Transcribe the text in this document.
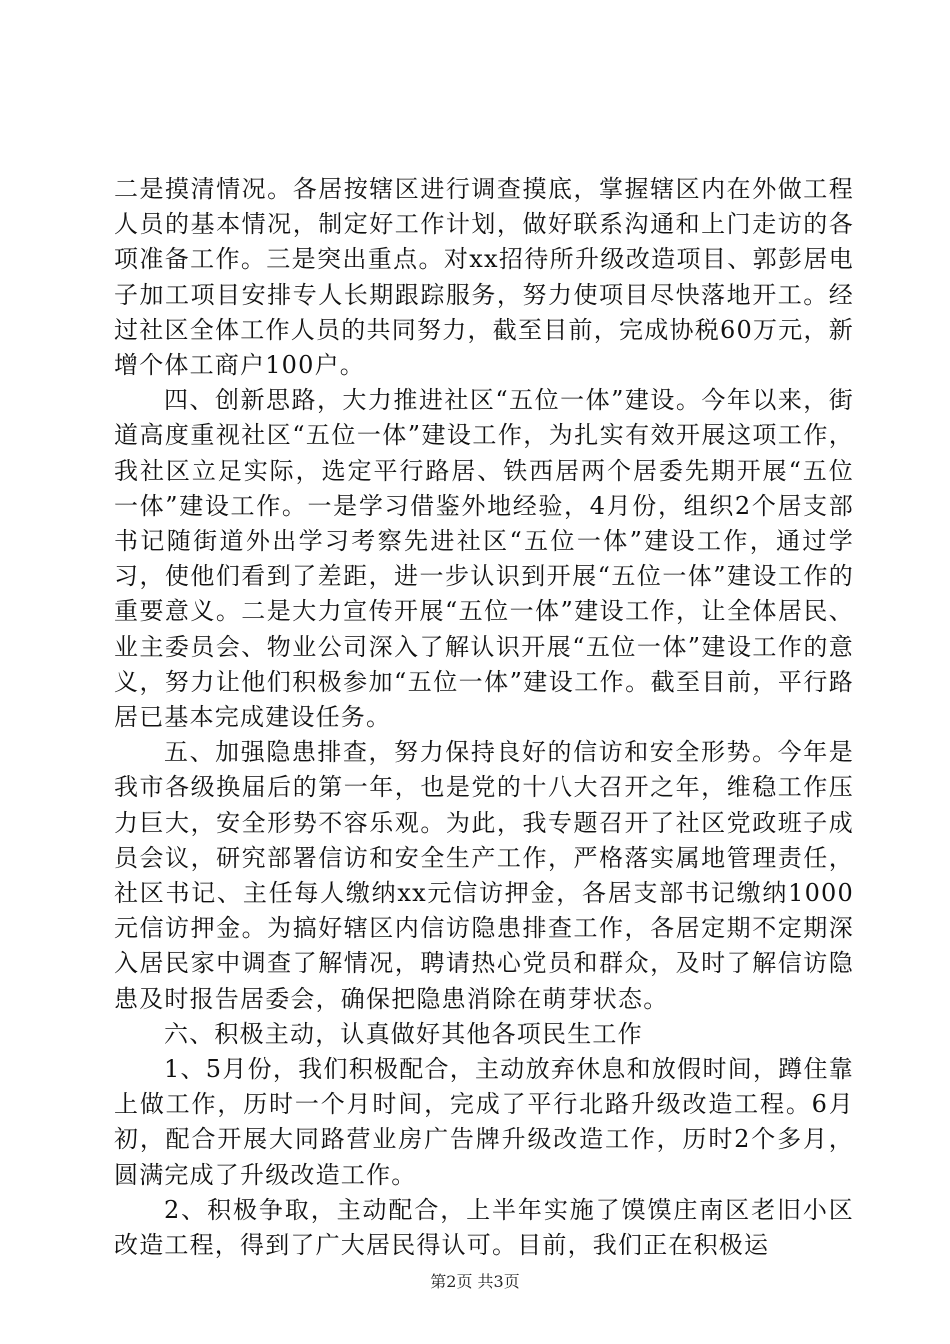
二是摸清情况。各居按辖区进行调查摸底，掌握辖区内在外做工程人员的基本情况，制定好工作计划，做好联系沟通和上门走访的各项准备工作。三是突出重点。对xx招待所升级改造项目、郭彭居电子加工项目安排专人长期跟踪服务，努力使项目尽快落地开工。经过社区全体工作人员的共同努力，截至目前，完成协税60万元，新增个体工商户100户。

四、创新思路，大力推进社区“五位一体”建设。今年以来，街道高度重视社区“五位一体”建设工作，为扎实有效开展这项工作，我社区立足实际，选定平行路居、铁西居两个居委先期开展“五位一体”建设工作。一是学习借鉴外地经验，4月份，组织2个居支部书记随街道外出学习考察先进社区“五位一体”建设工作，通过学习，使他们看到了差距，进一步认识到开展“五位一体”建设工作的重要意义。二是大力宣传开展“五位一体”建设工作，让全体居民、业主委员会、物业公司深入了解认识开展“五位一体”建设工作的意义，努力让他们积极参加“五位一体”建设工作。截至目前，平行路居已基本完成建设任务。

五、加强隐患排查，努力保持良好的信访和安全形势。今年是我市各级换届后的第一年，也是党的十八大召开之年，维稳工作压力巨大，安全形势不容乐观。为此，我专题召开了社区党政班子成员会议，研究部署信访和安全生产工作，严格落实属地管理责任，社区书记、主任每人缴纳xx元信访押金，各居支部书记缴纳1000元信访押金。为搞好辖区内信访隐患排查工作，各居定期不定期深入居民家中调查了解情况，聘请热心党员和群众，及时了解信访隐患及时报告居委会，确保把隐患消除在萌芽状态。

六、积极主动，认真做好其他各项民生工作

1、5月份，我们积极配合，主动放弃休息和放假时间，蹲住靠上做工作，历时一个月时间，完成了平行北路升级改造工程。6月初，配合开展大同路营业房广告牌升级改造工作，历时2个多月，圆满完成了升级改造工作。

2、积极争取，主动配合，上半年实施了馍馍庄南区老旧小区改造工程，得到了广大居民得认可。目前，我们正在积极运

第2页 共3页
